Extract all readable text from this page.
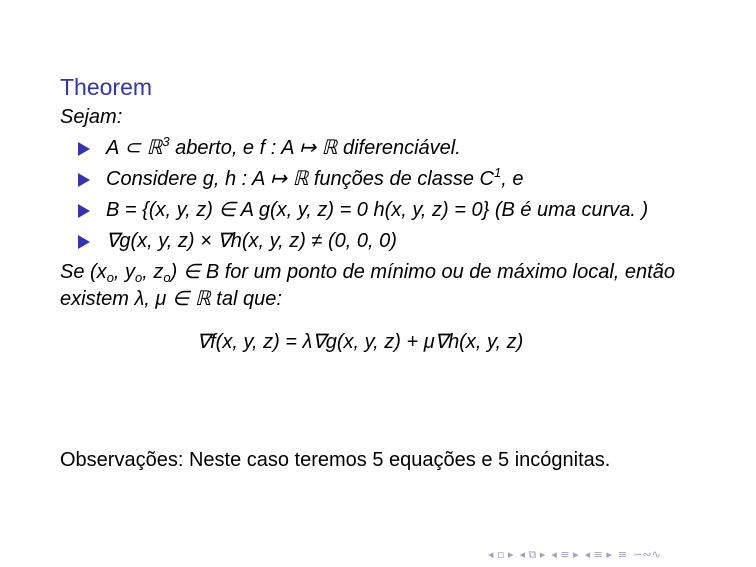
Theorem
Sejam:
A ⊂ ℝ$^3$ aberto, e f : A ↦ ℝ diferenciável.
Considere g, h : A ↦ ℝ funções de classe $C^1$, e
B = {(x, y, z) ∈ A g(x, y, z) = 0 h(x, y, z) = 0} (B é uma curva. )
∇g(x, y, z) × ∇h(x, y, z) ≠ (0, 0, 0)
Se ($x_o$, $y_o$, $z_o$) ∈ B for um ponto de mínimo ou de máximo local, então existem λ, μ ∈ ℝ tal que:
∇f(x, y, z) = λ∇g(x, y, z) + μ∇h(x, y, z)
Observações: Neste caso teremos 5 equações e 5 incógnitas.
◂ ▫ ▸ ◂ ⧉ ▸ ◂ ≡ ▸ ◂ ≡ ▸ ≡ ∽∾∿
